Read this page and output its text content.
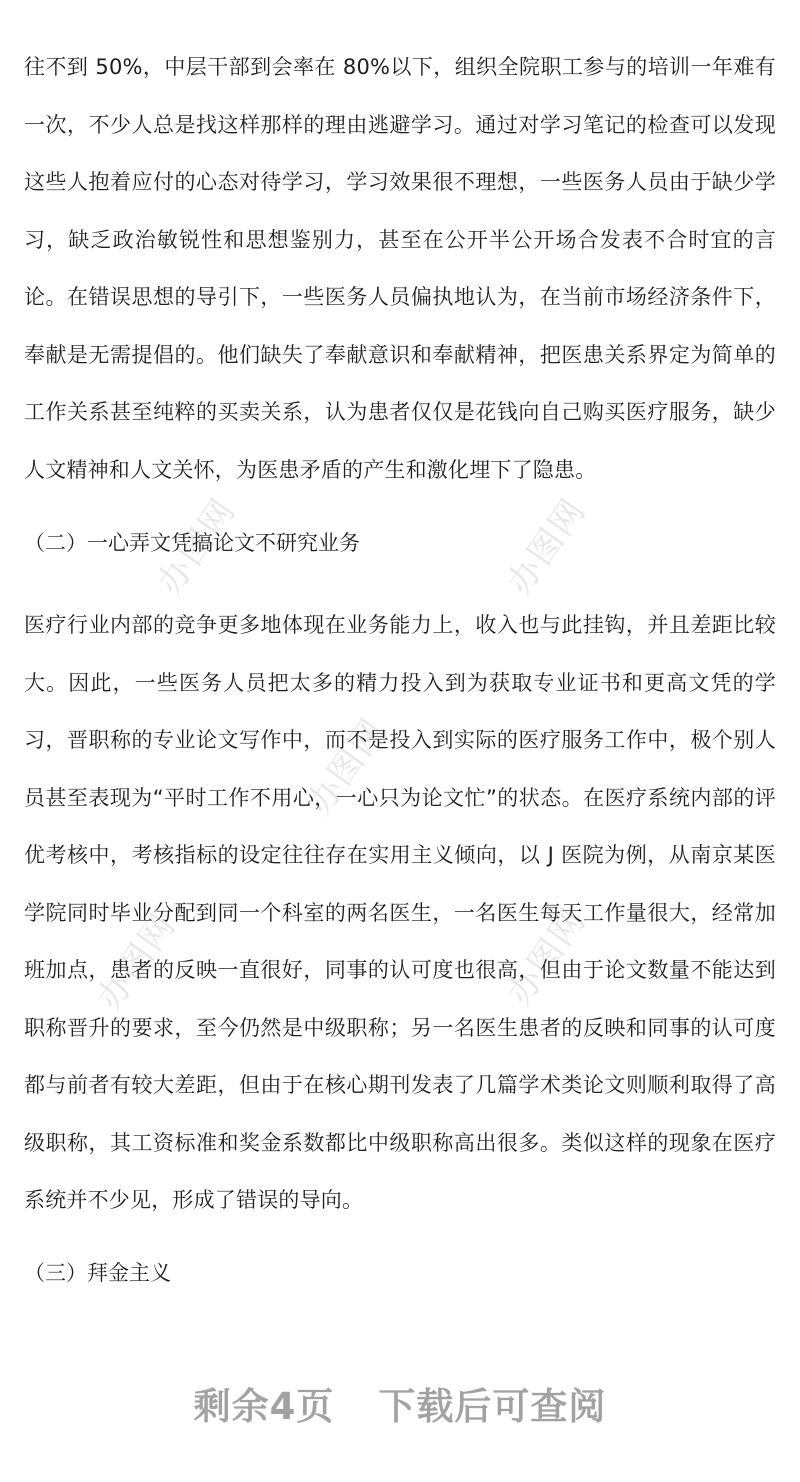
办图网	办图网
办图网
办图网
办图网

往不到 50%，中层干部到会率在 80%以下，组织全院职工参与的培训一年难有一次，不少人总是找这样那样的理由逃避学习。通过对学习笔记的检查可以发现这些人抱着应付的心态对待学习，学习效果很不理想，一些医务人员由于缺少学习，缺乏政治敏锐性和思想鉴别力，甚至在公开半公开场合发表不合时宜的言论。在错误思想的导引下，一些医务人员偏执地认为，在当前市场经济条件下，奉献是无需提倡的。他们缺失了奉献意识和奉献精神，把医患关系界定为简单的工作关系甚至纯粹的买卖关系，认为患者仅仅是花钱向自己购买医疗服务，缺少人文精神和人文关怀，为医患矛盾的产生和激化埋下了隐患。

（二）一心弄文凭搞论文不研究业务

医疗行业内部的竞争更多地体现在业务能力上，收入也与此挂钩，并且差距比较大。因此，一些医务人员把太多的精力投入到为获取专业证书和更高文凭的学习，晋职称的专业论文写作中，而不是投入到实际的医疗服务工作中，极个别人员甚至表现为“平时工作不用心，一心只为论文忙”的状态。在医疗系统内部的评优考核中，考核指标的设定往往存在实用主义倾向，以 J 医院为例，从南京某医学院同时毕业分配到同一个科室的两名医生，一名医生每天工作量很大，经常加班加点，患者的反映一直很好，同事的认可度也很高，但由于论文数量不能达到职称晋升的要求，至今仍然是中级职称；另一名医生患者的反映和同事的认可度都与前者有较大差距，但由于在核心期刊发表了几篇学术类论文则顺利取得了高级职称，其工资标准和奖金系数都比中级职称高出很多。类似这样的现象在医疗系统并不少见，形成了错误的导向。

（三）拜金主义
剩余4页 下载后可查阅
